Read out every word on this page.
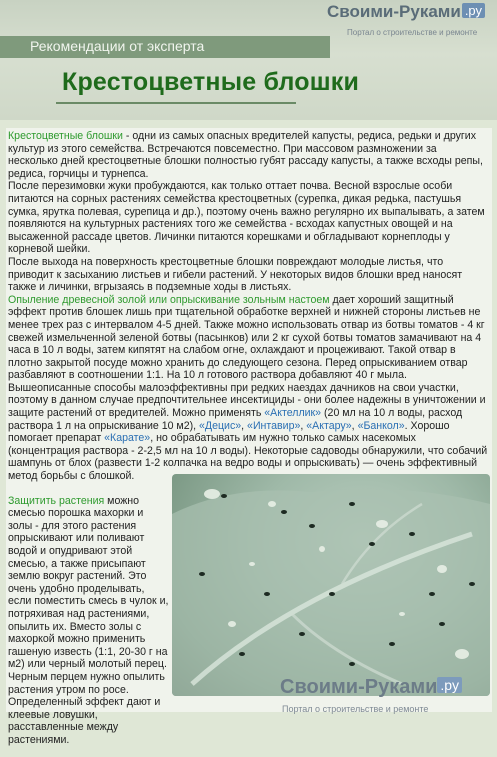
Рекомендации от эксперта
Крестоцветные блошки
Своими-Руками .ру
Портал о строительстве и ремонте

Крестоцветные блошки - одни из самых опасных вредителей капусты, редиса, редьки и других культур из этого семейства. Встречаются повсеместно. При массовом размножении за несколько дней крестоцветные блошки полностью губят рассаду капусты, а также всходы репы, редиса, горчицы и турнепса.

После перезимовки жуки пробуждаются, как только оттает почва. Весной взрослые особи питаются на сорных растениях семейства крестоцветных (сурепка, дикая редька, пастушья сумка, ярутка полевая, сурепица и др.), поэтому очень важно регулярно их выпалывать, а затем появляются на культурных растениях того же семейства - всходах капустных овощей и на высаженной рассаде цветов. Личинки питаются корешками и обгладывают корнеплоды у корневой шейки.

После выхода на поверхность крестоцветные блошки повреждают молодые листья, что приводит к засыханию листьев и гибели растений. У некоторых видов блошки вред наносят также и личинки, вгрызаясь в подземные ходы в листьях.

Опыление древесной золой или опрыскивание зольным настоем дает хороший защитный эффект против блошек лишь при тщательной обработке верхней и нижней стороны листьев не менее трех раз с интервалом 4-5 дней. Также можно использовать отвар из ботвы томатов - 4 кг свежей измельченной зеленой ботвы (пасынков) или 2 кг сухой ботвы томатов замачивают на 4 часа в 10 л воды, затем кипятят на слабом огне, охлаждают и процеживают. Такой отвар в плотно закрытой посуде можно хранить до следующего сезона. Перед опрыскиванием отвар разбавляют в соотношении 1:1. На 10 л готового раствора добавляют 40 г мыла.

Вышеописанные способы малоэффективны при редких наездах дачников на свои участки, поэтому в данном случае предпочтительнее инсектициды - они более надежны в уничтожении и защите растений от вредителей. Можно применять «Актеллик» (20 мл на 10 л воды, расход раствора 1 л на опрыскивание 10 м2), «Децис», «Интавир», «Актару», «Банкол». Хорошо помогает препарат «Карате», но обрабатывать им нужно только самых насекомых (концентрация раствора - 2-2,5 мл на 10 л воды). Некоторые садоводы обнаружили, что собачий шампунь от блох (развести 1-2 колпачка на ведро воды и опрыскивать) — очень эффективный метод борьбы с блошкой.

Защитить растения можно смесью порошка махорки и золы - для этого растения опрыскивают или поливают водой и опудривают этой смесью, а также присыпают землю вокруг растений. Это очень удобно проделывать, если поместить смесь в чулок и, потряхивая над растениями, опылить их. Вместо золы с махоркой можно применить гашеную известь (1:1, 20-30 г на м2) или черный молотый перец. Черным перцем нужно опылить растения утром по росе. Определенный эффект дают и клеевые ловушки, расставленные между растениями.

Своими-Руками .ру
Портал о строительстве и ремонте
